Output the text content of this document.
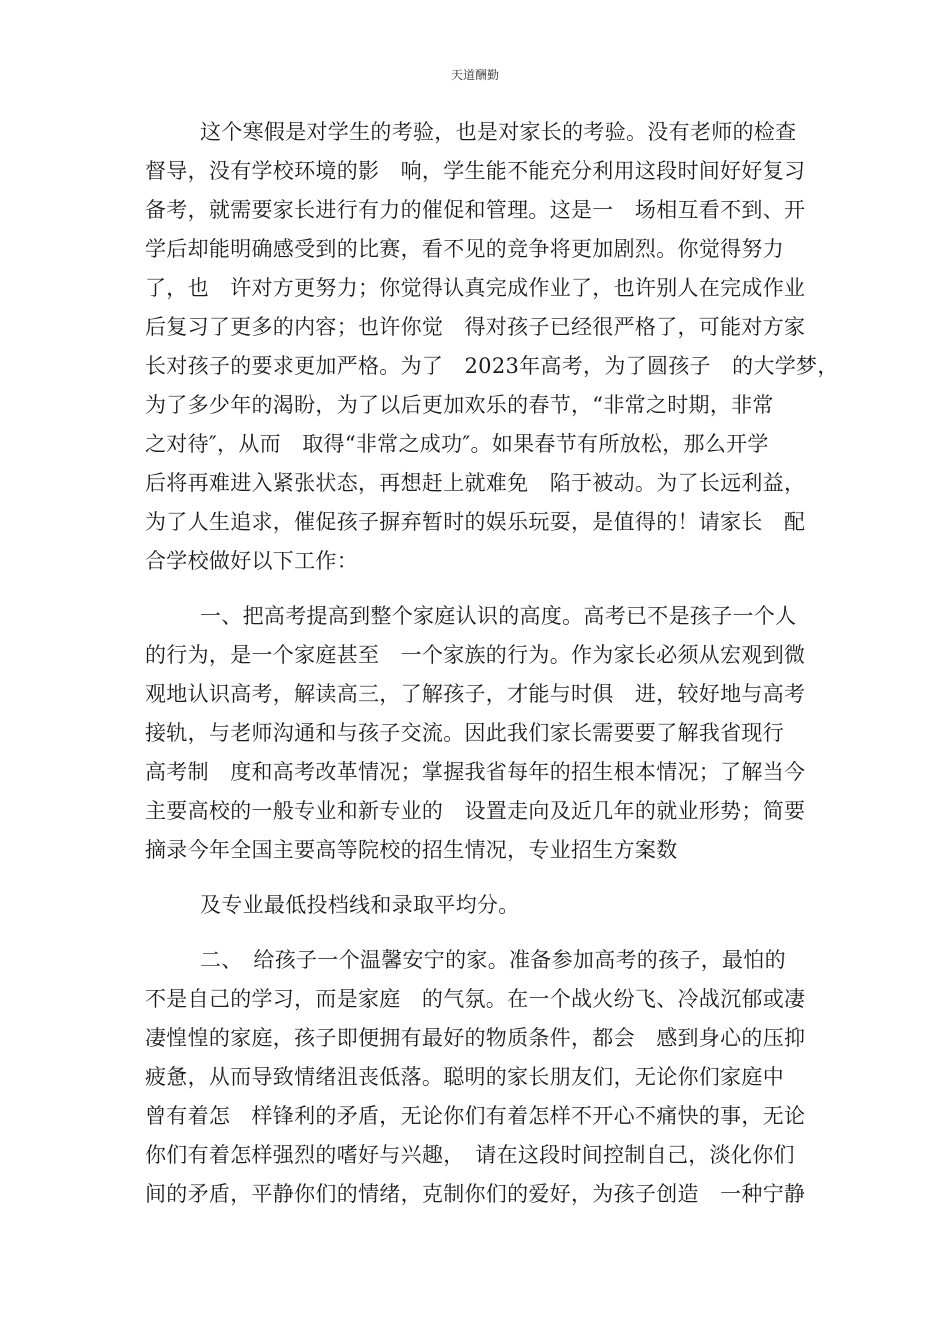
天道酬勤
这个寒假是对学生的考验，也是对家长的考验。没有老师的检查
督导，没有学校环境的影　响，学生能不能充分利用这段时间好好复习
备考，就需要家长进行有力的催促和管理。这是一　场相互看不到、开
学后却能明确感受到的比赛，看不见的竞争将更加剧烈。你觉得努力
了，也　许对方更努力；你觉得认真完成作业了，也许别人在完成作业
后复习了更多的内容；也许你觉　得对孩子已经很严格了，可能对方家
长对孩子的要求更加严格。为了　2023年高考，为了圆孩子　的大学梦，
为了多少年的渴盼，为了以后更加欢乐的春节，“非常之时期，非常
之对待″，从而　取得“非常之成功″。如果春节有所放松，那么开学
后将再难进入紧张状态，再想赶上就难免　陷于被动。为了长远利益，
为了人生追求，催促孩子摒弃暂时的娱乐玩耍，是值得的！请家长　配
合学校做好以下工作：
一、把高考提高到整个家庭认识的高度。高考已不是孩子一个人
的行为，是一个家庭甚至　一个家族的行为。作为家长必须从宏观到微
观地认识高考，解读高三，了解孩子，才能与时俱　进，较好地与高考
接轨，与老师沟通和与孩子交流。因此我们家长需要要了解我省现行
高考制　度和高考改革情况；掌握我省每年的招生根本情况；了解当今
主要高校的一般专业和新专业的　设置走向及近几年的就业形势；简要
摘录今年全国主要高等院校的招生情况，专业招生方案数
及专业最低投档线和录取平均分。
二、　给孩子一个温馨安宁的家。准备参加高考的孩子，最怕的
不是自己的学习，而是家庭　的气氛。在一个战火纷飞、冷战沉郁或凄
凄惶惶的家庭，孩子即便拥有最好的物质条件，都会　感到身心的压抑
疲惫，从而导致情绪沮丧低落。聪明的家长朋友们，无论你们家庭中
曾有着怎　样锋利的矛盾，无论你们有着怎样不开心不痛快的事，无论
你们有着怎样强烈的嗜好与兴趣，　请在这段时间控制自己，淡化你们
间的矛盾，平静你们的情绪，克制你们的爱好，为孩子创造　一种宁静
